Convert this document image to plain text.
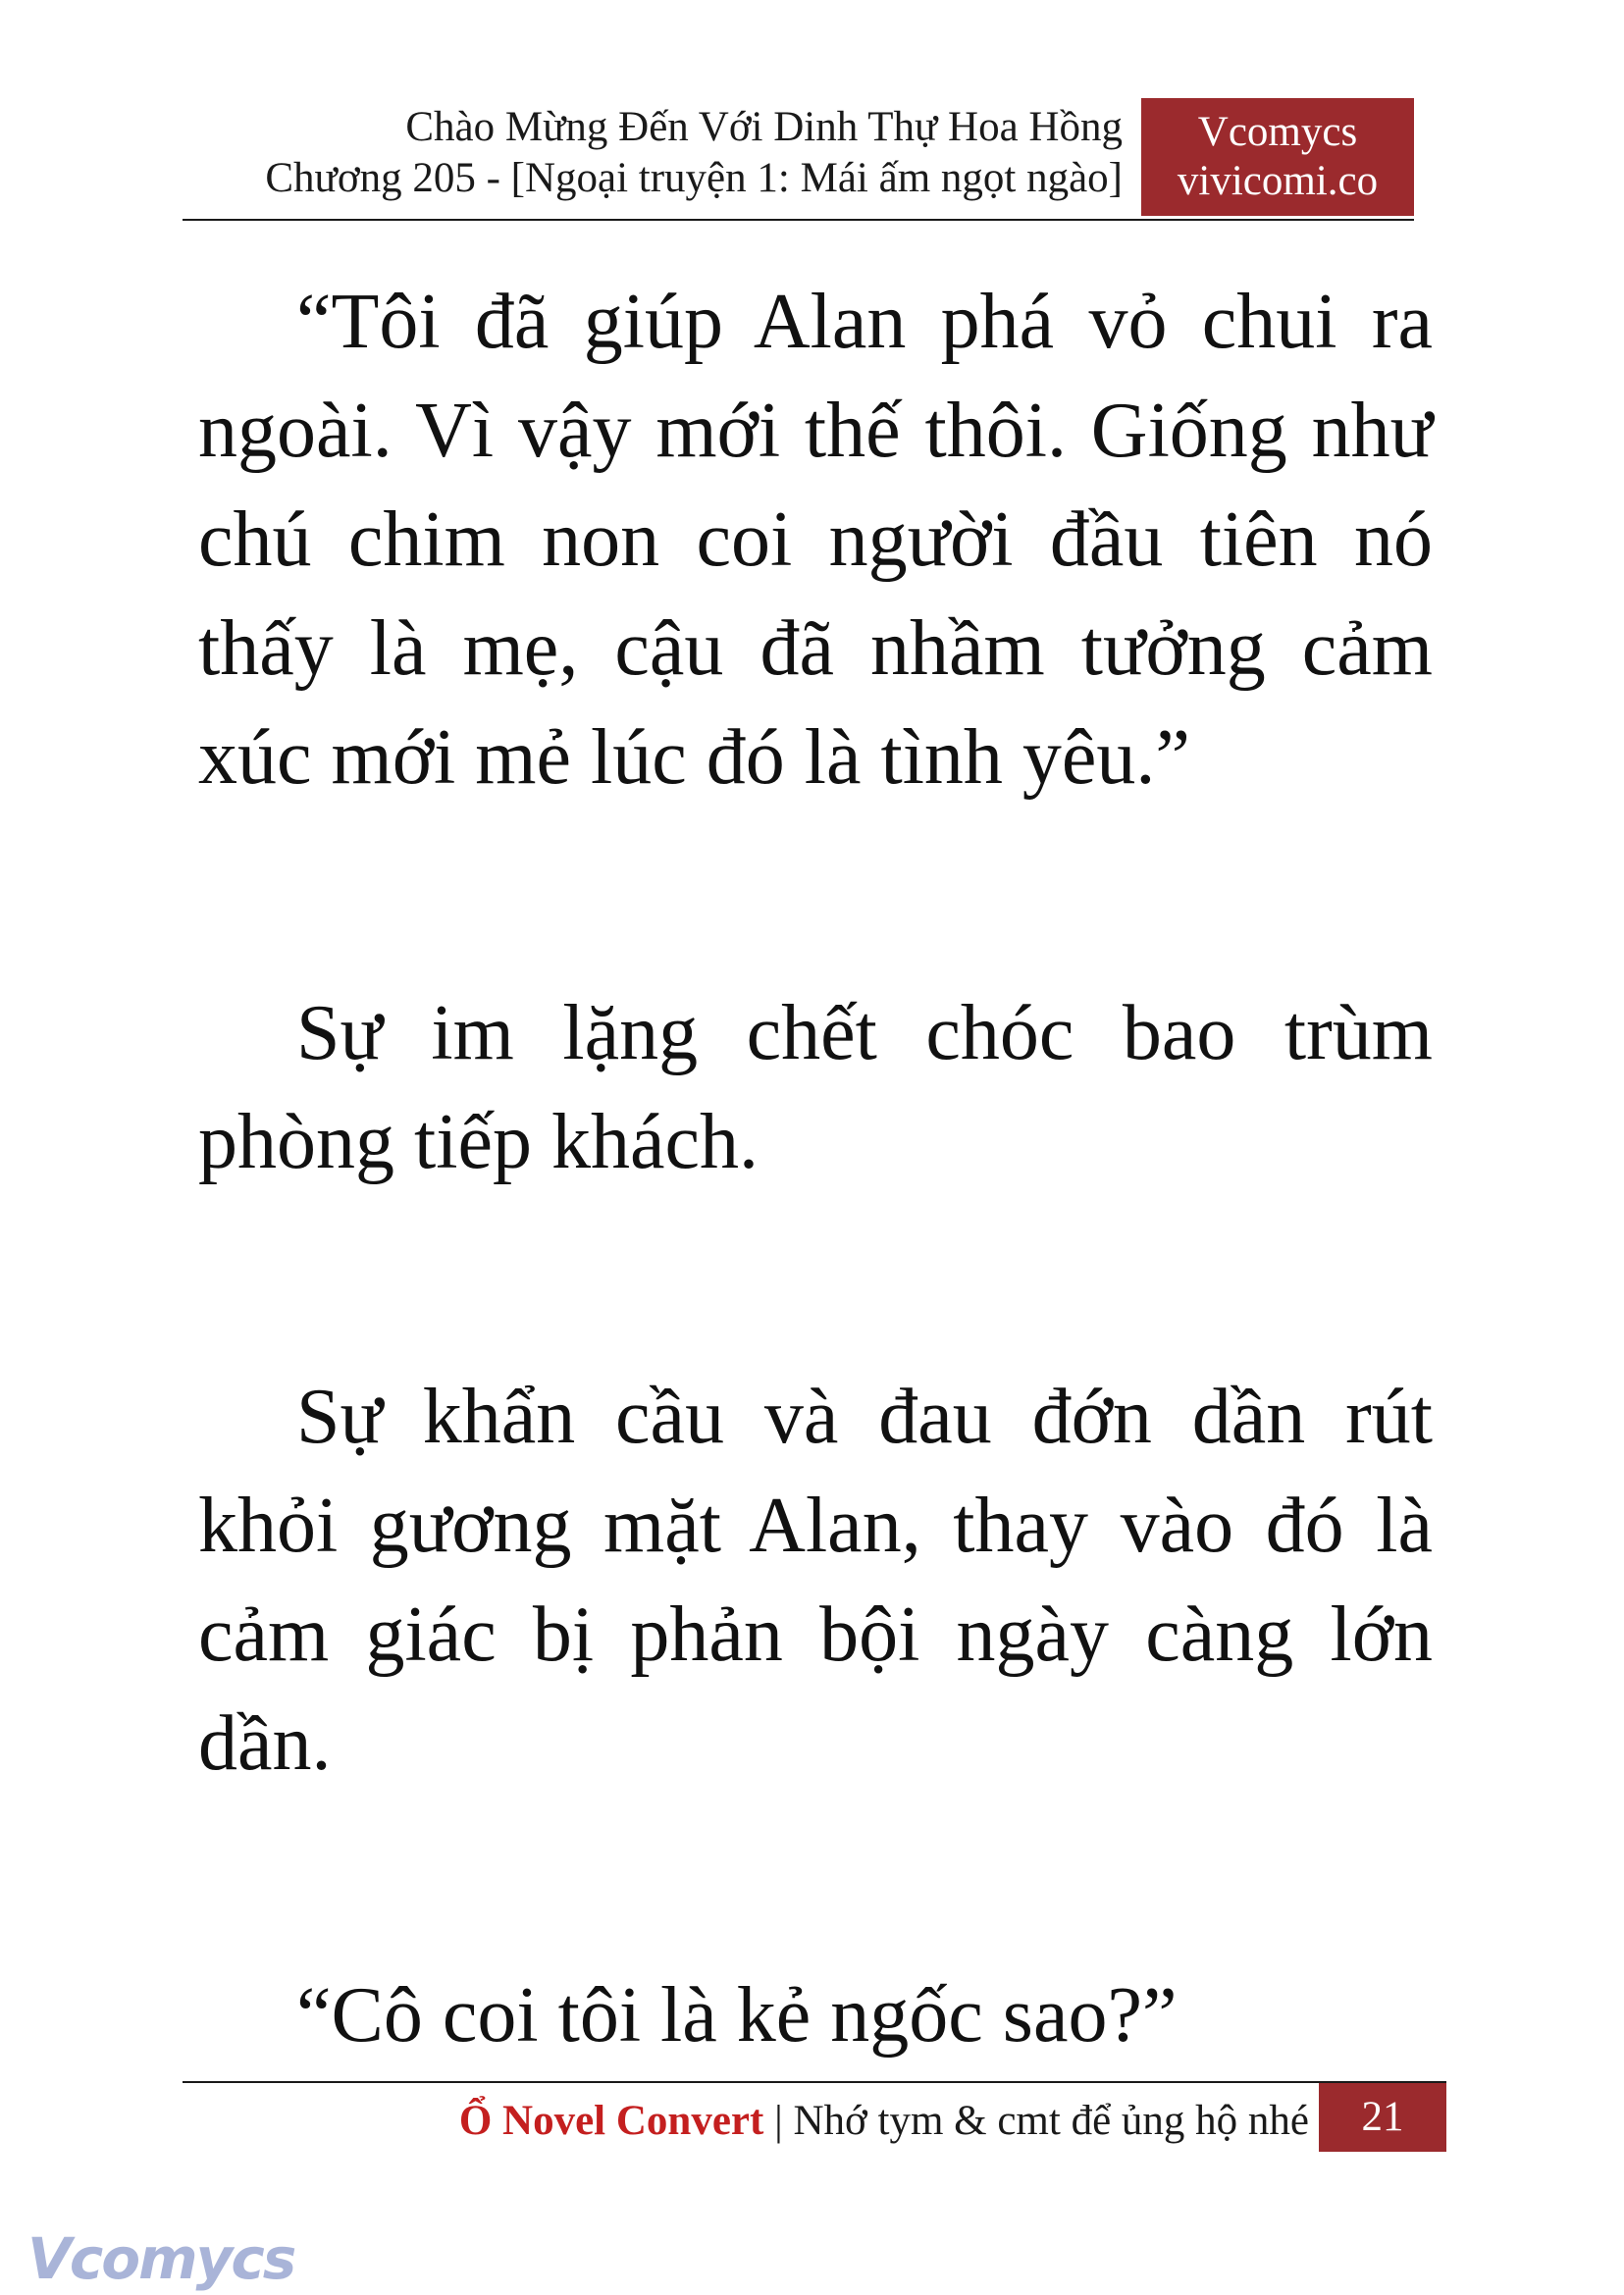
Chào Mừng Đến Với Dinh Thự Hoa Hồng
Chương 205 - [Ngoại truyện 1: Mái ấm ngọt ngào]
Vcomycs
vivicomi.co

“Tôi đã giúp Alan phá vỏ chui ra ngoài. Vì vậy mới thế thôi. Giống như chú chim non coi người đầu tiên nó thấy là mẹ, cậu đã nhầm tưởng cảm xúc mới mẻ lúc đó là tình yêu.”

Sự im lặng chết chóc bao trùm phòng tiếp khách.

Sự khẩn cầu và đau đớn dần rút khỏi gương mặt Alan, thay vào đó là cảm giác bị phản bội ngày càng lớn dần.

“Cô coi tôi là kẻ ngốc sao?”

Ổ Novel Convert | Nhớ tym & cmt để ủng hộ nhé	21
Vcomycs
